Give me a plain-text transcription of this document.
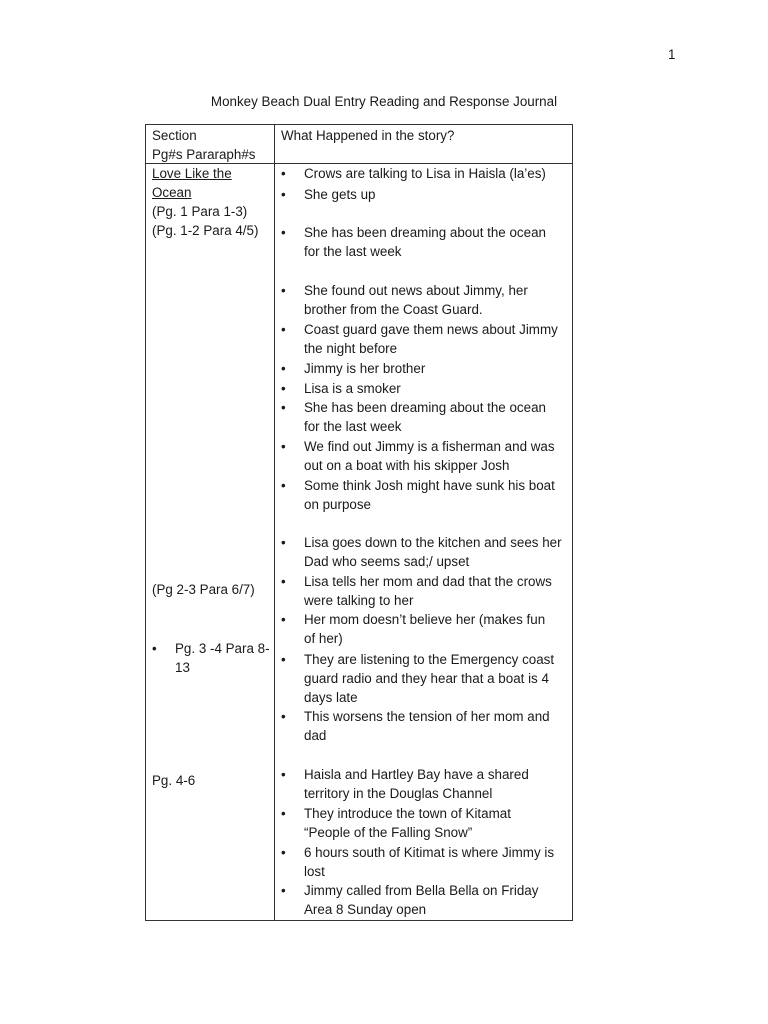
1
Monkey Beach Dual Entry Reading and Response Journal
Section
Pg#s Pararaph#s
What Happened in the story?
Love Like the
Ocean
(Pg. 1 Para 1-3)
(Pg. 1-2 Para 4/5)
(Pg 2-3 Para 6/7)
• Pg. 3 -4 Para 8-
13
Pg. 4-6
• Crows are talking to Lisa in Haisla (la’es)
• She gets up
• She has been dreaming about the ocean
for the last week
• She found out news about Jimmy, her
brother from the Coast Guard.
• Coast guard gave them news about Jimmy
the night before
• Jimmy is her brother
• Lisa is a smoker
• She has been dreaming about the ocean
for the last week
• We find out Jimmy is a fisherman and was
out on a boat with his skipper Josh
• Some think Josh might have sunk his boat
on purpose
• Lisa goes down to the kitchen and sees her
Dad who seems sad;/ upset
• Lisa tells her mom and dad that the crows
were talking to her
• Her mom doesn’t believe her (makes fun
of her)
• They are listening to the Emergency coast
guard radio and they hear that a boat is 4
days late
• This worsens the tension of her mom and
dad
• Haisla and Hartley Bay have a shared
territory in the Douglas Channel
• They introduce the town of Kitamat
“People of the Falling Snow”
• 6 hours south of Kitimat is where Jimmy is
lost
• Jimmy called from Bella Bella on Friday
Area 8 Sunday open
